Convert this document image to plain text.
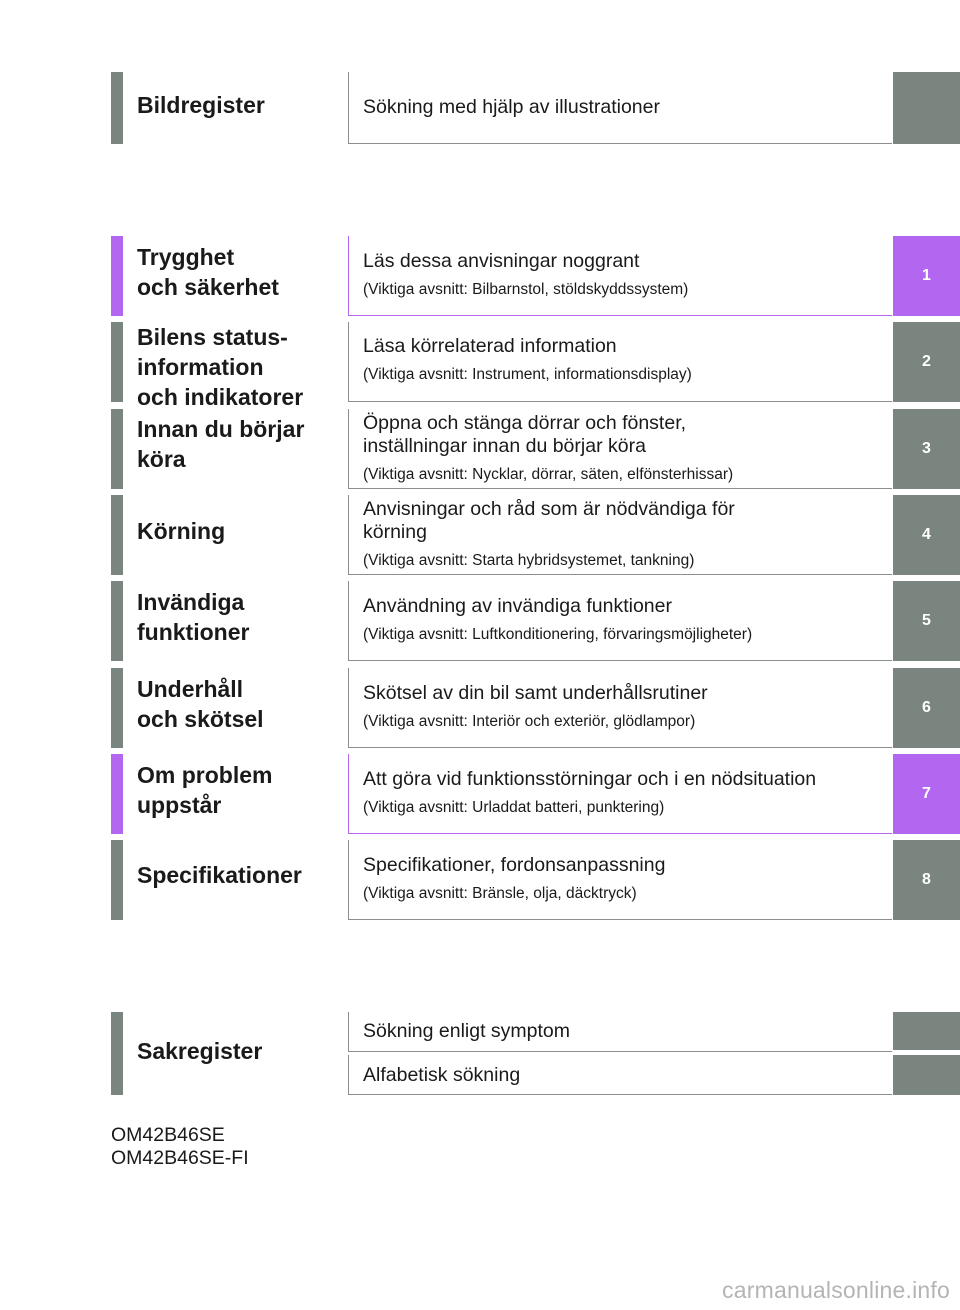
Bildregister	Sökning med hjälp av illustrationer
Trygghet
och säkerhet
Läs dessa anvisningar noggrant
(Viktiga avsnitt: Bilbarnstol, stöldskyddssystem)
1
Bilens status-
information
och indikatorer
Läsa körrelaterad information
(Viktiga avsnitt: Instrument, informationsdisplay)
2
Innan du börjar
köra
Öppna och stänga dörrar och fönster,
inställningar innan du börjar köra
(Viktiga avsnitt: Nycklar, dörrar, säten, elfönsterhissar)
3
Körning
Anvisningar och råd som är nödvändiga för
körning
(Viktiga avsnitt: Starta hybridsystemet, tankning)
4
Invändiga
funktioner
Användning av invändiga funktioner
(Viktiga avsnitt: Luftkonditionering, förvaringsmöjligheter)
5
Underhåll
och skötsel
Skötsel av din bil samt underhållsrutiner
(Viktiga avsnitt: Interiör och exteriör, glödlampor)
6
Om problem
uppstår
Att göra vid funktionsstörningar och i en nödsituation
(Viktiga avsnitt: Urladdat batteri, punktering)
7
Specifikationer	Specifikationer, fordonsanpassning
(Viktiga avsnitt: Bränsle, olja, däcktryck)
8
Sakregister
Sökning enligt symptom
Alfabetisk sökning
OM42B46SE
OM42B46SE-FI
carmanualsonline.info
